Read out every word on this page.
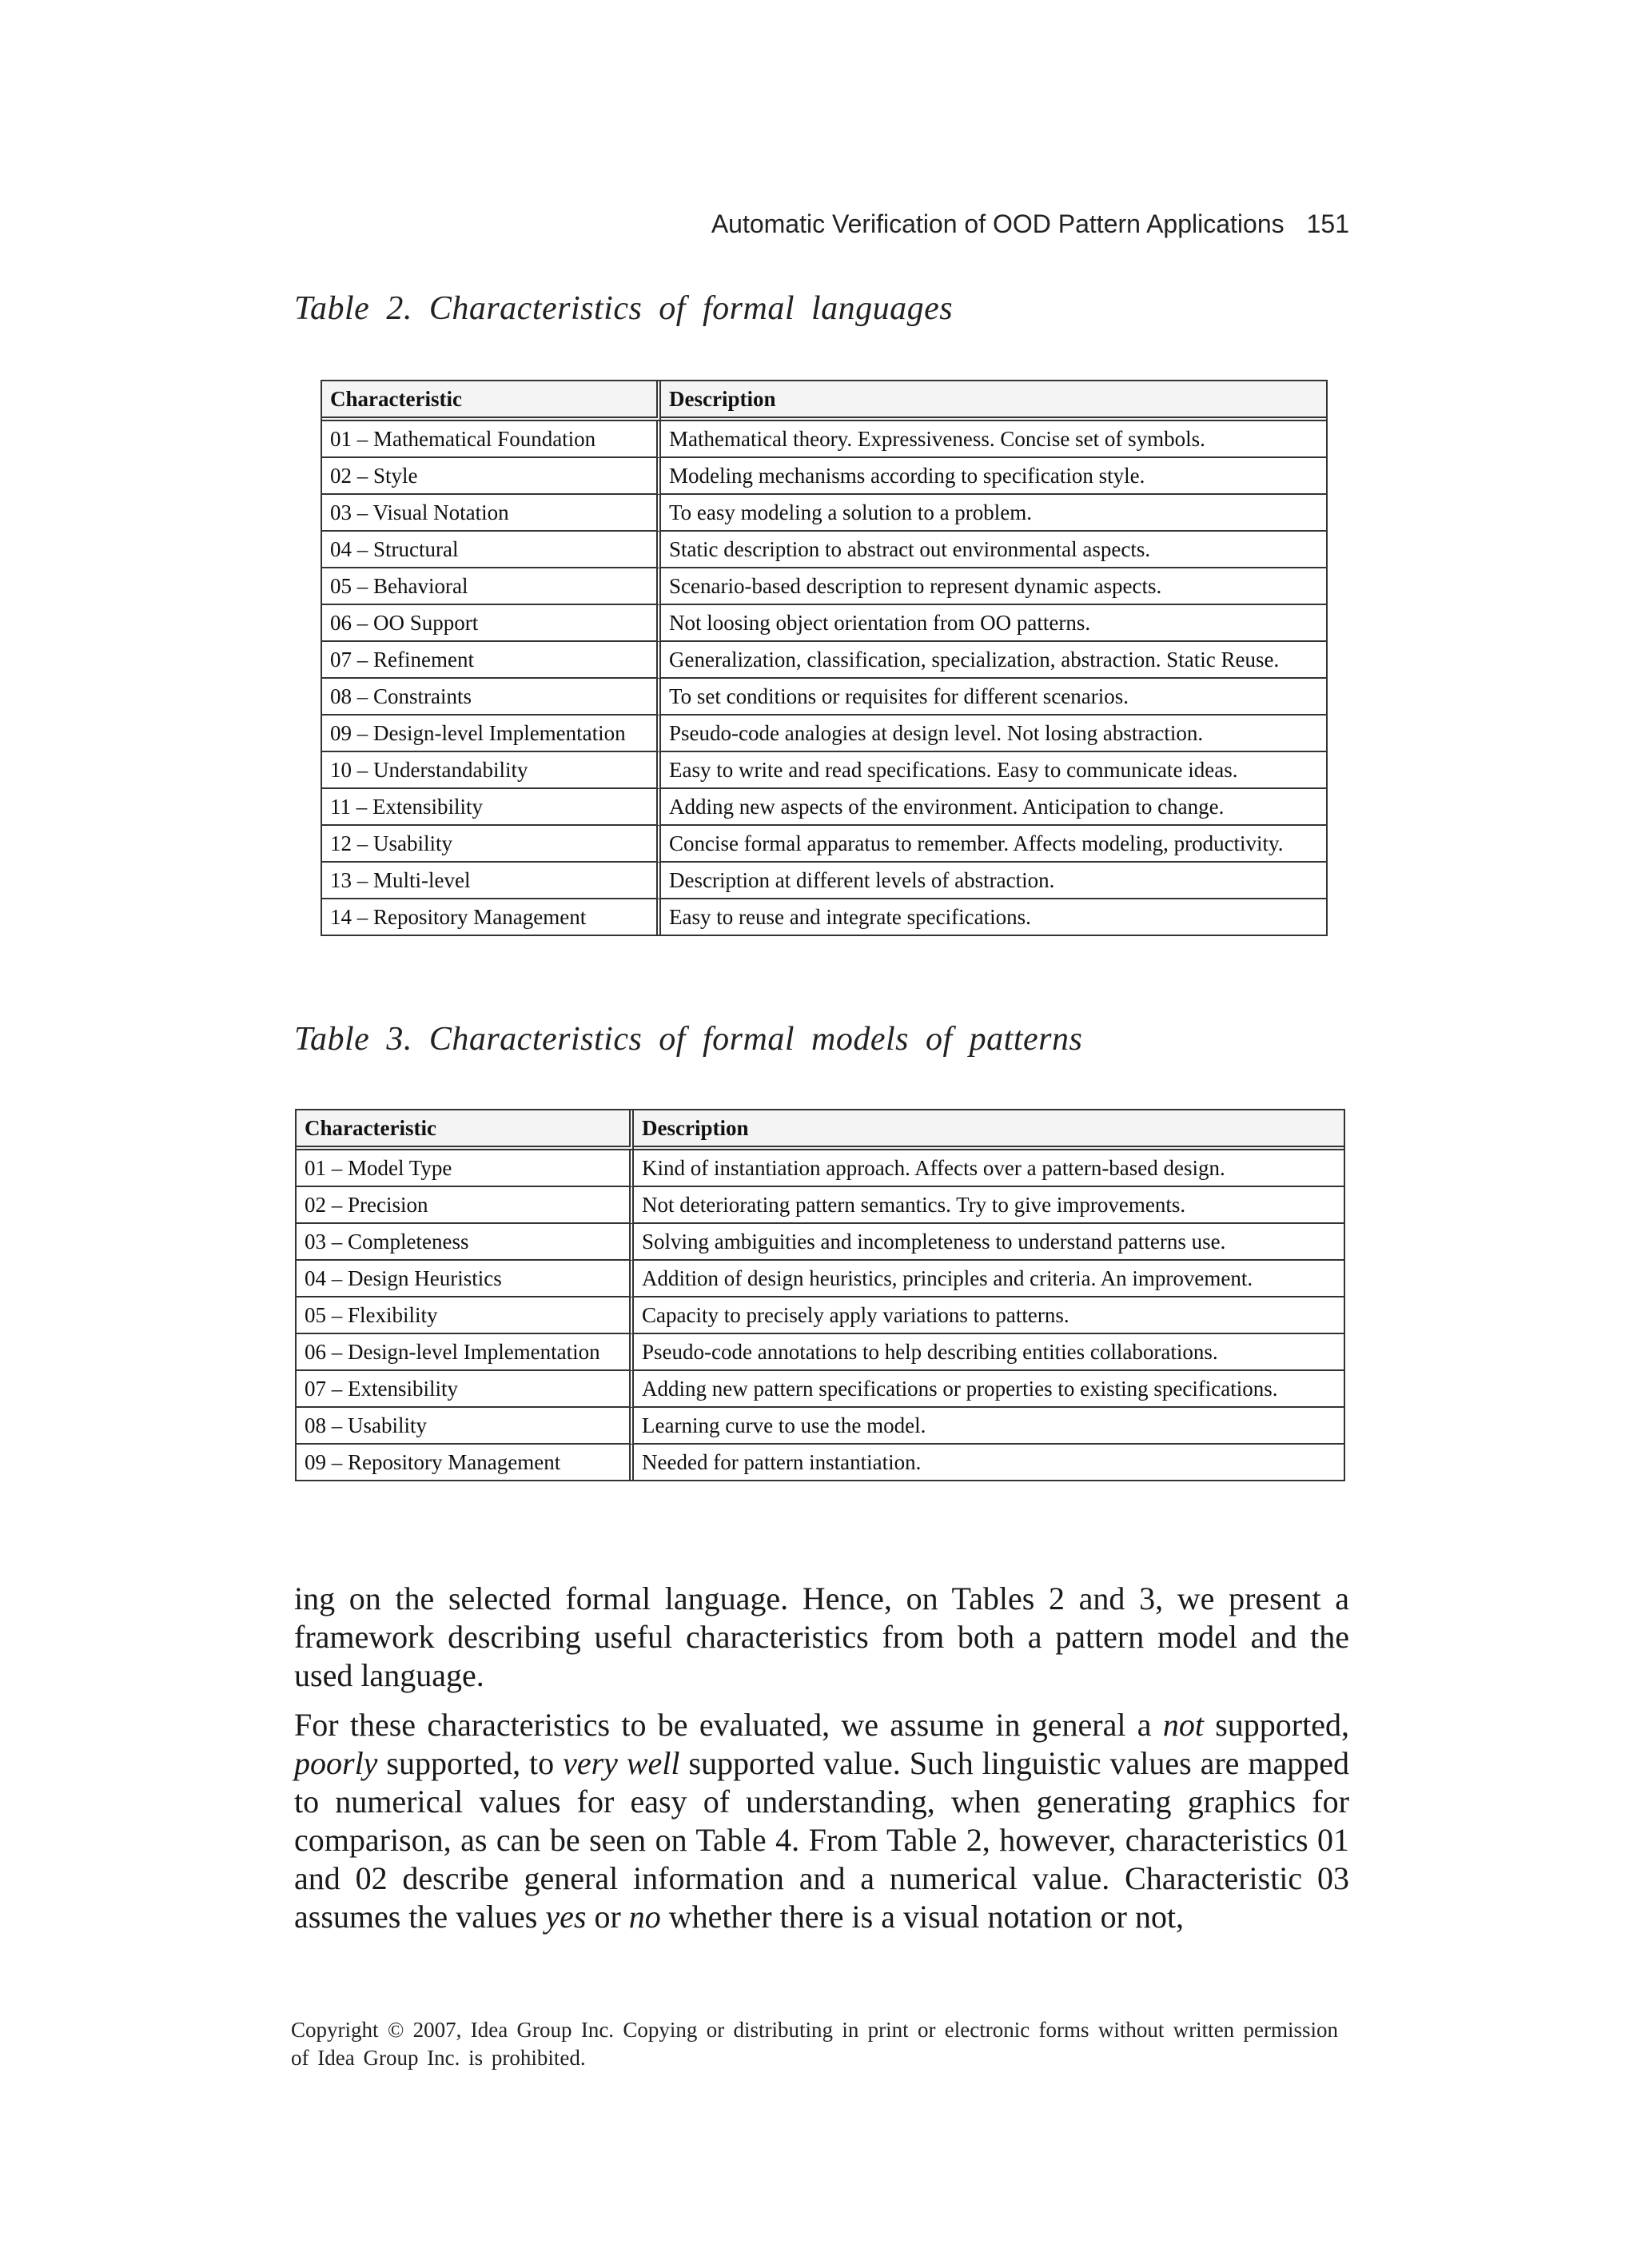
Automatic Verification of OOD Pattern Applications 151
Table 2. Characteristics of formal languages
Characteristic	Description
01 – Mathematical Foundation	Mathematical theory. Expressiveness. Concise set of symbols.
02 – Style	Modeling mechanisms according to specification style.
03 – Visual Notation	To easy modeling a solution to a problem.
04 – Structural	Static description to abstract out environmental aspects.
05 – Behavioral	Scenario-based description to represent dynamic aspects.
06 – OO Support	Not loosing object orientation from OO patterns.
07 – Refinement	Generalization, classification, specialization, abstraction. Static Reuse.
08 – Constraints	To set conditions or requisites for different scenarios.
09 – Design-level Implementation	Pseudo-code analogies at design level. Not losing abstraction.
10 – Understandability	Easy to write and read specifications. Easy to communicate ideas.
11 – Extensibility	Adding new aspects of the environment. Anticipation to change.
12 – Usability	Concise formal apparatus to remember. Affects modeling, productivity.
13 – Multi-level	Description at different levels of abstraction.
14 – Repository Management	Easy to reuse and integrate specifications.
Table 3. Characteristics of formal models of patterns
Characteristic	Description
01 – Model Type	Kind of instantiation approach. Affects over a pattern-based design.
02 – Precision	Not deteriorating pattern semantics. Try to give improvements.
03 – Completeness	Solving ambiguities and incompleteness to understand patterns use.
04 – Design Heuristics	Addition of design heuristics, principles and criteria. An improvement.
05 – Flexibility	Capacity to precisely apply variations to patterns.
06 – Design-level Implementation	Pseudo-code annotations to help describing entities collaborations.
07 – Extensibility	Adding new pattern specifications or properties to existing specifications.
08 – Usability	Learning curve to use the model.
09 – Repository Management	Needed for pattern instantiation.

ing on the selected formal language. Hence, on Tables 2 and 3, we present a framework describing useful characteristics from both a pattern model and the used language.

For these characteristics to be evaluated, we assume in general a not supported, poorly supported, to very well supported value. Such linguistic values are mapped to numerical values for easy of understanding, when generating graphics for comparison, as can be seen on Table 4. From Table 2, however, characteristics 01 and 02 describe general information and a numerical value. Characteristic 03 assumes the values yes or no whether there is a visual notation or not,

Copyright © 2007, Idea Group Inc. Copying or distributing in print or electronic forms without written permission of Idea Group Inc. is prohibited.
